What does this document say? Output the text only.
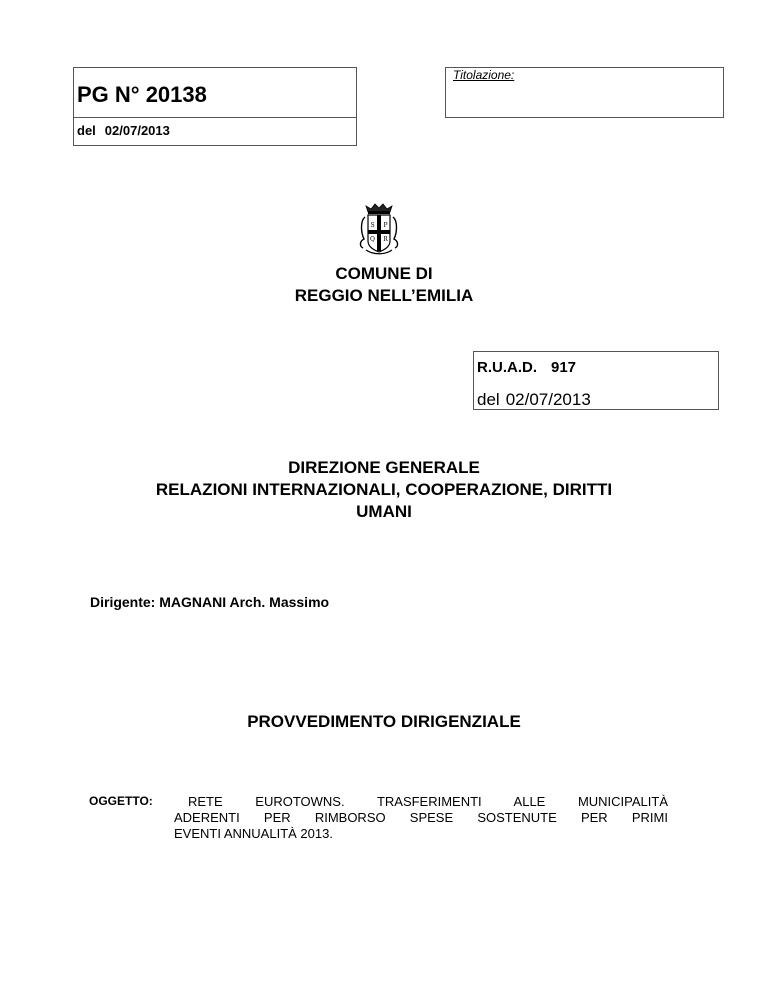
PG N° 20138
del 02/07/2013
Titolazione:
S P
Q R
COMUNE DI
REGGIO NELL’EMILIA
R.U.A.D. 917
del 02/07/2013
DIREZIONE GENERALE
RELAZIONI INTERNAZIONALI, COOPERAZIONE, DIRITTI
UMANI
Dirigente: MAGNANI Arch. Massimo
PROVVEDIMENTO DIRIGENZIALE
OGGETTO:	RETE EUROTOWNS. TRASFERIMENTI ALLE MUNICIPALITÀ
ADERENTI PER RIMBORSO SPESE SOSTENUTE PER PRIMI
EVENTI ANNUALITÀ 2013.
